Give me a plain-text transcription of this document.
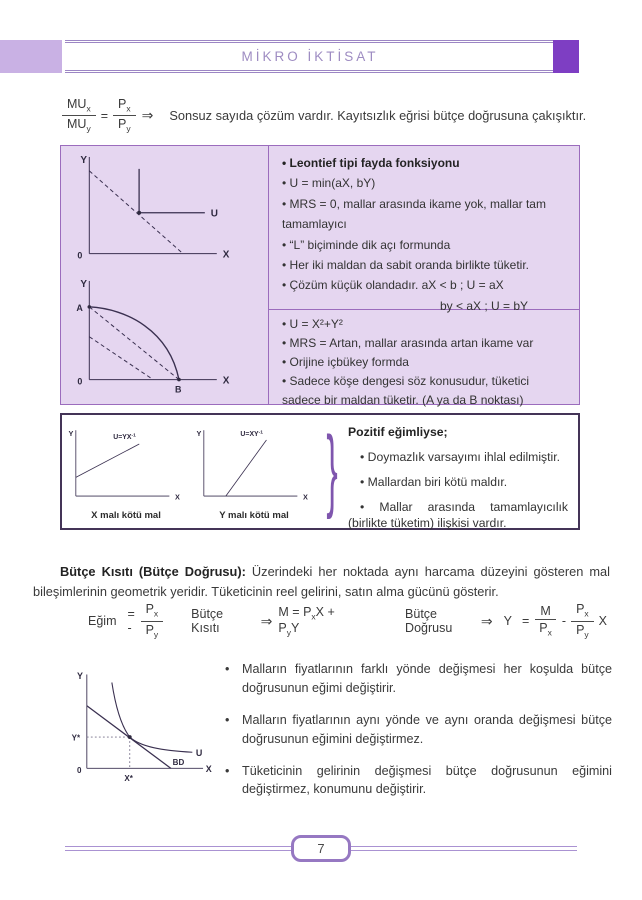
MİKRO İKTİSAT
$\frac{MU_x}{MU_y} = \frac{P_x}{P_y}$ ⇒ Sonsuz sayıda çözüm vardır. Kayıtsızlık eğrisi bütçe doğrusuna çakışıktır.
Y
X
0
U
Y
X
0
A
B

• Leontief tipi fayda fonksiyonu

• U = min(aX, bY)

• MRS = 0, mallar arasında ikame yok, mallar tam tamamlayıcı

• “L” biçiminde dik açı formunda

• Her iki maldan da sabit oranda birlikte tüketir.

• Çözüm küçük olandadır. aX < b ; U = aX

by < aX ; U = bY

• U = X²+Y²

• MRS = Artan, mallar arasında artan ikame var

• Orijine içbükey formda

• Sadece köşe dengesi söz konusudur, tüketici sadece bir maldan tüketir. (A ya da B noktası)

Y
X
$U=YX^{-1}$
X malı kötü mal
Y
X
$U=XY^{-1}$
Y malı kötü mal	} Pozitif eğimliyse;

• Doymazlık varsayımı ihlal edilmiştir.

• Mallardan biri kötü maldır.

• Mallar arasında tamamlayıcılık (birlikte tüketim) ilişkisi vardır.

Bütçe Kısıtı (Bütçe Doğrusu): Üzerindeki her noktada aynı harcama düzeyini gösteren mal bileşimlerinin geometrik yeridir. Tüketicinin reel gelirini, satın alma gücünü gösterir.

Eğim = - $\frac{P_x}{P_y}$ Bütçe Kısıtı	⇒
$M = P_xX + P_yY$
Bütçe Doğrusu	⇒ $Y = \frac{M}{P_x} - \frac{P_x}{P_y}$ X
Y
X
0
Y*
X*
U
BD
• Malların fiyatlarının farklı yönde değişmesi her koşulda bütçe doğrusunun eğimi değiştirir.
• Malların fiyatlarının aynı yönde ve aynı oranda değişmesi bütçe doğrusunun eğimini değiştirmez.
• Tüketicinin gelirinin değişmesi bütçe doğrusunun eğimini değiştirmez, konumunu değiştirir.
7
